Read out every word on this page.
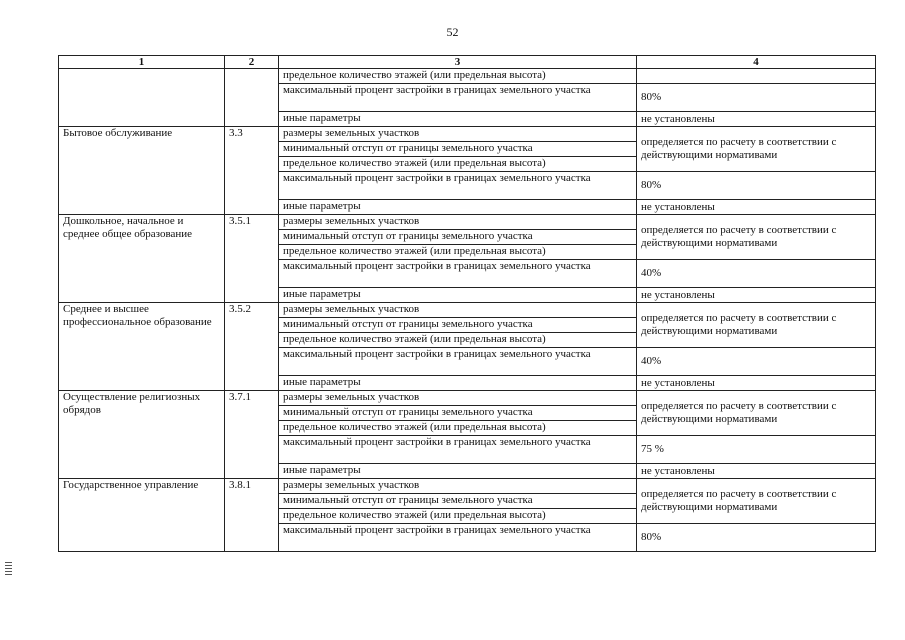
52
1	2	3	4
		предельное количество этажей (или предельная высота)	
		максимальный процент застройки в границах земельного участка	80%
		иные параметры	не установлены
Бытовое обслуживание	3.3	размеры земельных участков	определяется по расчету в соответствии с действующими нормативами
		минимальный отступ от границы земельного участка	
		предельное количество этажей (или предельная высота)	
		максимальный процент застройки в границах земельного участка	80%
		иные параметры	не установлены
Дошкольное, начальное и среднее общее образование	3.5.1	размеры земельных участков	определяется по расчету в соответствии с действующими нормативами
		минимальный отступ от границы земельного участка	
		предельное количество этажей (или предельная высота)	
		максимальный процент застройки в границах земельного участка	40%
		иные параметры	не установлены
Среднее и высшее профессиональное образование	3.5.2	размеры земельных участков	определяется по расчету в соответствии с действующими нормативами
		минимальный отступ от границы земельного участка	
		предельное количество этажей (или предельная высота)	
		максимальный процент застройки в границах земельного участка	40%
		иные параметры	не установлены
Осуществление религиозных обрядов	3.7.1	размеры земельных участков	определяется по расчету в соответствии с действующими нормативами
		минимальный отступ от границы земельного участка	
		предельное количество этажей (или предельная высота)	
		максимальный процент застройки в границах земельного участка	75 %
		иные параметры	не установлены
Государственное управление	3.8.1	размеры земельных участков	определяется по расчету в соответствии с действующими нормативами
		минимальный отступ от границы земельного участка	
		предельное количество этажей (или предельная высота)	
		максимальный процент застройки в границах земельного участка	80%
